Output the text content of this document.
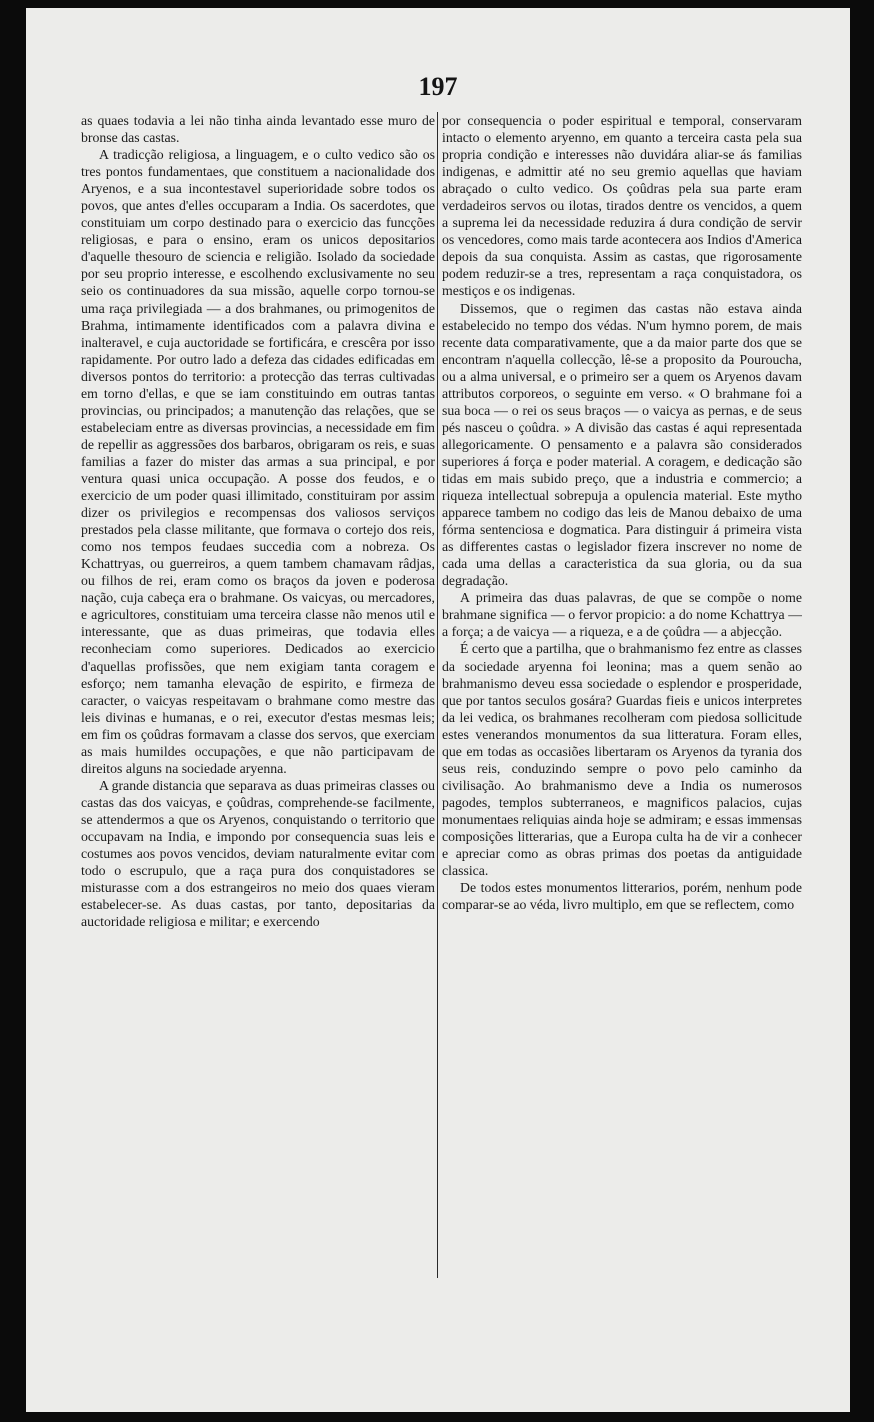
197

as quaes todavia a lei não tinha ainda levantado esse muro de bronse das castas.

A tradicção religiosa, a linguagem, e o culto vedico são os tres pontos fundamentaes, que constituem a nacionalidade dos Aryenos, e a sua incontestavel superioridade sobre todos os povos, que antes d'elles occuparam a India. Os sacerdotes, que constituiam um corpo destinado para o exercicio das funcções religiosas, e para o ensino, eram os unicos depositarios d'aquelle thesouro de sciencia e religião. Isolado da sociedade por seu proprio interesse, e escolhendo exclusivamente no seu seio os continuadores da sua missão, aquelle corpo tornou-se uma raça privilegiada — a dos brahmanes, ou primogenitos de Brahma, intimamente identificados com a palavra divina e inalteravel, e cuja auctoridade se fortificára, e crescêra por isso rapidamente. Por outro lado a defeza das cidades edificadas em diversos pontos do territorio: a protecção das terras cultivadas em torno d'ellas, e que se iam constituindo em outras tantas provincias, ou principados; a manutenção das relações, que se estabeleciam entre as diversas provincias, a necessidade em fim de repellir as aggressões dos barbaros, obrigaram os reis, e suas familias a fazer do mister das armas a sua principal, e por ventura quasi unica occupação. A posse dos feudos, e o exercicio de um poder quasi illimitado, constituiram por assim dizer os privilegios e recompensas dos valiosos serviços prestados pela classe militante, que formava o cortejo dos reis, como nos tempos feudaes succedia com a nobreza. Os Kchattryas, ou guerreiros, a quem tambem chamavam râdjas, ou filhos de rei, eram como os braços da joven e poderosa nação, cuja cabeça era o brahmane. Os vaicyas, ou mercadores, e agricultores, constituiam uma terceira classe não menos util e interessante, que as duas primeiras, que todavia elles reconheciam como superiores. Dedicados ao exercicio d'aquellas profissões, que nem exigiam tanta coragem e esforço; nem tamanha elevação de espirito, e firmeza de caracter, o vaicyas respeitavam o brahmane como mestre das leis divinas e humanas, e o rei, executor d'estas mesmas leis; em fim os çoûdras formavam a classe dos servos, que exerciam as mais humildes occupações, e que não participavam de direitos alguns na sociedade aryenna.

A grande distancia que separava as duas primeiras classes ou castas das dos vaicyas, e çoûdras, comprehende-se facilmente, se attendermos a que os Aryenos, conquistando o territorio que occupavam na India, e impondo por consequencia suas leis e costumes aos povos vencidos, deviam naturalmente evitar com todo o escrupulo, que a raça pura dos conquistadores se misturasse com a dos estrangeiros no meio dos quaes vieram estabelecer-se. As duas castas, por tanto, depositarias da auctoridade religiosa e militar; e exercendo

por consequencia o poder espiritual e temporal, conservaram intacto o elemento aryenno, em quanto a terceira casta pela sua propria condição e interesses não duvidára aliar-se ás familias indigenas, e admittir até no seu gremio aquellas que haviam abraçado o culto vedico. Os çoûdras pela sua parte eram verdadeiros servos ou ilotas, tirados dentre os vencidos, a quem a suprema lei da necessidade reduzira á dura condição de servir os vencedores, como mais tarde acontecera aos Indios d'America depois da sua conquista. Assim as castas, que rigorosamente podem reduzir-se a tres, representam a raça conquistadora, os mestiços e os indigenas.

Dissemos, que o regimen das castas não estava ainda estabelecido no tempo dos védas. N'um hymno porem, de mais recente data comparativamente, que a da maior parte dos que se encontram n'aquella collecção, lê-se a proposito da Pouroucha, ou a alma universal, e o primeiro ser a quem os Aryenos davam attributos corporeos, o seguinte em verso. « O brahmane foi a sua boca — o rei os seus braços — o vaicya as pernas, e de seus pés nasceu o çoûdra. » A divisão das castas é aqui representada allegoricamente. O pensamento e a palavra são considerados superiores á força e poder material. A coragem, e dedicação são tidas em mais subido preço, que a industria e commercio; a riqueza intellectual sobrepuja a opulencia material. Este mytho apparece tambem no codigo das leis de Manou debaixo de uma fórma sentenciosa e dogmatica. Para distinguir á primeira vista as differentes castas o legislador fizera inscrever no nome de cada uma dellas a caracteristica da sua gloria, ou da sua degradação.

A primeira das duas palavras, de que se compõe o nome brahmane significa — o fervor propicio: a do nome Kchattrya — a força; a de vaicya — a riqueza, e a de çoûdra — a abjecção.

É certo que a partilha, que o brahmanismo fez entre as classes da sociedade aryenna foi leonina; mas a quem senão ao brahmanismo deveu essa sociedade o esplendor e prosperidade, que por tantos seculos gosára? Guardas fieis e unicos interpretes da lei vedica, os brahmanes recolheram com piedosa sollicitude estes venerandos monumentos da sua litteratura. Foram elles, que em todas as occasiões libertaram os Aryenos da tyrania dos seus reis, conduzindo sempre o povo pelo caminho da civilisação. Ao brahmanismo deve a India os numerosos pagodes, templos subterraneos, e magnificos palacios, cujas monumentaes reliquias ainda hoje se admiram; e essas immensas composições litterarias, que a Europa culta ha de vir a conhecer e apreciar como as obras primas dos poetas da antiguidade classica.

De todos estes monumentos litterarios, porém, nenhum pode comparar-se ao véda, livro multiplo, em que se reflectem, como
